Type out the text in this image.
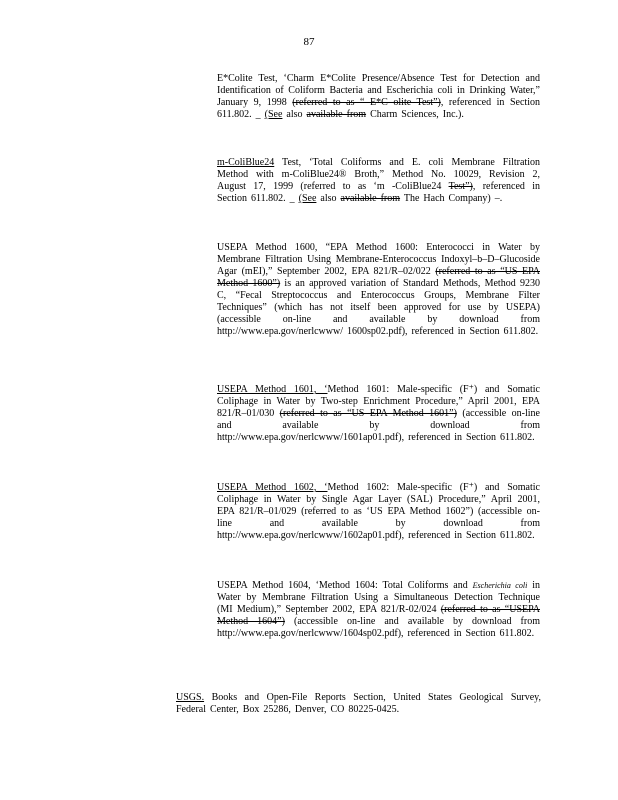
87
E*Colite Test, ‘Charm E*Colite Presence/Absence Test for Detection and Identification of Coliform Bacteria and Escherichia coli in Drinking Water,” January 9, 1998 (referred to as “ E*C olite Test”), referenced in Section 611.802. _ (See also available from Charm Sciences, Inc.).
m-ColiBlue24 Test, ‘Total Coliforms and E. coli Membrane Filtration Method with m-ColiBlue24® Broth,” Method No. 10029, Revision 2, August 17, 1999 (referred to as ‘m -ColiBlue24 Test”), referenced in Section 611.802. _ (See also available from The Hach Company) –.
USEPA Method 1600, “EPA Method 1600: Enterococci in Water by Membrane Filtration Using Membrane-Enterococcus Indoxyl–b–D–Glucoside Agar (mEI),” September 2002, EPA 821/R–02/022 (referred to as “US EPA Method 1600”) is an approved variation of Standard Methods, Method 9230 C, “Fecal Streptococcus and Enterococcus Groups, Membrane Filter Techniques” (which has not itself been approved for use by USEPA) (accessible on-line and available by download from http://www.epa.gov/nerlcwww/ 1600sp02.pdf), referenced in Section 611.802.
USEPA Method 1601, ‘Method 1601: Male-specific (F⁺) and Somatic Coliphage in Water by Two-step Enrichment Procedure,” April 2001, EPA 821/R–01/030 (referred to as “US EPA Method 1601”) (accessible on-line and available by download from http://www.epa.gov/nerlcwww/1601ap01.pdf), referenced in Section 611.802.
USEPA Method 1602, ‘Method 1602: Male-specific (F⁺) and Somatic Coliphage in Water by Single Agar Layer (SAL) Procedure,” April 2001, EPA 821/R–01/029 (referred to as ‘US EPA Method 1602”) (accessible on-line and available by download from http://www.epa.gov/nerlcwww/1602ap01.pdf), referenced in Section 611.802.
USEPA Method 1604, ‘Method 1604: Total Coliforms and Escherichia coli in Water by Membrane Filtration Using a Simultaneous Detection Technique (MI Medium),” September 2002, EPA 821/R-02/024 (referred to as “USEPA Method 1604”) (accessible on-line and available by download from http://www.epa.gov/nerlcwww/1604sp02.pdf), referenced in Section 611.802.
USGS. Books and Open-File Reports Section, United States Geological Survey, Federal Center, Box 25286, Denver, CO 80225-0425.
